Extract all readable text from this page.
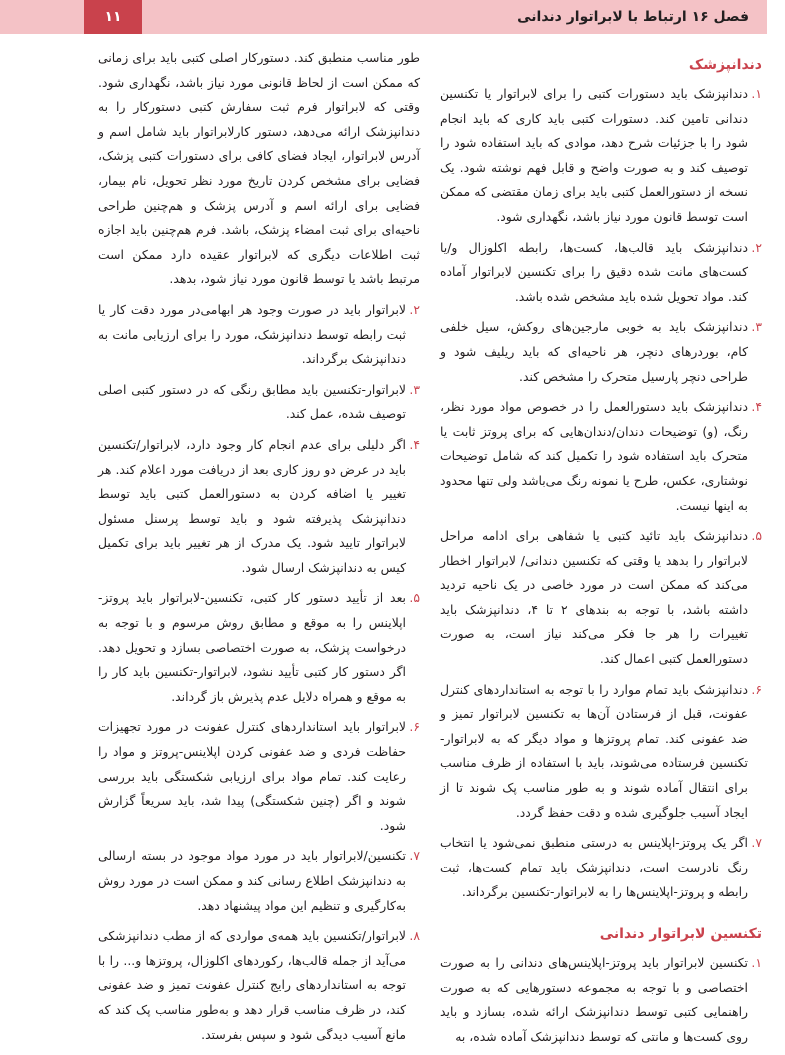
فصل ۱۶ ارتباط با لابراتوار دندانی
۱۱
دندانپزشک
۱.
دندانپزشک باید دستورات کتبی را برای لابراتوار یا تکنسین دندانی تامین کند. دستورات کتبی باید کاری که باید انجام شود را با جزئیات شرح دهد، موادی که باید استفاده شود را توصیف کند و به صورت واضح و قابل فهم نوشته شود. یک نسخه از دستورالعمل کتبی باید برای زمان مقتضی که ممکن است توسط قانون مورد نیاز باشد، نگهداری شود.
۲.
دندانپزشک باید قالب‌ها، کست‌ها، رابطه اکلوزال و/یا کست‌های مانت شده دقیق را برای تکنسین لابراتوار آماده کند. مواد تحویل شده باید مشخص شده باشد.
۳.
دندانپزشک باید به خوبی مارجین‌های روکش، سیل خلفی کام، بوردرهای دنچر، هر ناحیه‌ای که باید ریلیف شود و طراحی دنچر پارسیل متحرک را مشخص کند.
۴.
دندانپزشک باید دستورالعمل را در خصوص مواد مورد نظر، رنگ، (و) توضیحات دندان/دندان‌هایی که برای پروتز ثابت یا متحرک باید استفاده شود را تکمیل کند که شامل توضیحات نوشتاری، عکس، طرح یا نمونه رنگ می‌باشد ولی تنها محدود به اینها نیست.
۵.
دندانپزشک باید تائید کتبی یا شفاهی برای ادامه مراحل لابراتوار را بدهد یا وقتی که تکنسین دندانی/ لابراتوار اخطار می‌کند که ممکن است در مورد خاصی در یک ناحیه تردید داشته باشد، با توجه به بندهای ۲ تا ۴، دندانپزشک باید تغییرات را هر جا فکر می‌کند نیاز است، به صورت دستورالعمل کتبی اعمال کند.
۶.
دندانپزشک باید تمام موارد را با توجه به استانداردهای کنترل عفونت، قبل از فرستادن آن‌ها به تکنسین لابراتوار تمیز و ضد عفونی کند. تمام پروتزها و مواد دیگر که به لابراتوار-تکنسین فرستاده می‌شوند، باید با استفاده از ظرف مناسب برای انتقال آماده شوند و به طور مناسب پک شوند تا از ایجاد آسیب جلوگیری شده و دقت حفظ گردد.
۷.
اگر یک پروتز-اپلاینس به درستی منطبق نمی‌شود یا انتخاب رنگ نادرست است، دندانپزشک باید تمام کست‌ها، ثبت رابطه و پروتز-اپلاینس‌ها را به لابراتوار-تکنسین برگرداند.
تکنسین لابراتوار دندانی
۱.
تکنسین لابراتوار باید پروتز-اپلاینس‌های دندانی را به صورت اختصاصی و با توجه به مجموعه دستورهایی که به صورت راهنمایی کتبی توسط دندانپزشک ارائه شده، بسازد و باید روی کست‌ها و مانتی که توسط دندانپزشک آماده شده، به

طور مناسب منطبق کند. دستورکار اصلی کتبی باید برای زمانی که ممکن است از لحاظ قانونی مورد نیاز باشد، نگهداری شود. وقتی که لابراتوار فرم ثبت سفارش کتبی دستورکار را به دندانپزشک ارائه می‌دهد، دستور کارلابراتوار باید شامل اسم و آدرس لابراتوار، ایجاد فضای کافی برای دستورات کتبی پزشک، فضایی برای مشخص کردن تاریخ مورد نظر تحویل، نام بیمار، فضایی برای ارائه اسم و آدرس پزشک و هم‌چنین طراحی ناحیه‌ای برای ثبت امضاء پزشک، باشد. فرم هم‌چنین باید اجازه ثبت اطلاعات دیگری که لابراتوار عقیده دارد ممکن است مرتبط باشد یا توسط قانون مورد نیاز شود، بدهد.

۲.
لابراتوار باید در صورت وجود هر ابهامی‌در مورد دقت کار یا ثبت رابطه توسط دندانپزشک، مورد را برای ارزیابی مانت به دندانپزشک برگرداند.
۳.
لابراتوار-تکنسین باید مطابق رنگی که در دستور کتبی اصلی توصیف شده، عمل کند.
۴.
اگر دلیلی برای عدم انجام کار وجود دارد، لابراتوار/تکنسین باید در عرض دو روز کاری بعد از دریافت مورد اعلام کند. هر تغییر یا اضافه کردن به دستورالعمل کتبی باید توسط دندانپزشک پذیرفته شود و باید توسط پرسنل مسئول لابراتوار تایید شود. یک مدرک از هر تغییر باید برای تکمیل کیس به دندانپزشک ارسال شود.
۵.
بعد از تأیید دستور کار کتبی، تکنسین-لابراتوار باید پروتز-اپلاینس را به موقع و مطابق روش مرسوم و با توجه به درخواست پزشک، به صورت اختصاصی بسازد و تحویل دهد. اگر دستور کار کتبی تأیید نشود، لابراتوار-تکنسین باید کار را به موقع و همراه دلایل عدم پذیرش باز گرداند.
۶.
لابراتوار باید استانداردهای کنترل عفونت در مورد تجهیزات حفاظت فردی و ضد عفونی کردن اپلاینس-پروتز و مواد را رعایت کند. تمام مواد برای ارزیابی شکستگی باید بررسی شوند و اگر (چنین شکستگی) پیدا شد، باید سریعاً گزارش شود.
۷.
تکنسین/لابراتوار باید در مورد مواد موجود در بسته ارسالی به دندانپزشک اطلاع رسانی کند و ممکن است در مورد روش به‌کارگیری و تنظیم این مواد پیشنهاد دهد.
۸.
لابراتوار/تکنسین باید همه‌ی مواردی که از مطب دندانپزشکی می‌آید از جمله قالب‌ها، رکوردهای اکلوزال، پروتزها و... را با توجه به استانداردهای رایج کنترل عفونت تمیز و ضد عفونی کند، در ظرف مناسب قرار دهد و به‌طور مناسب پک کند که مانع آسیب دیدگی شود و سپس بفرستد.
